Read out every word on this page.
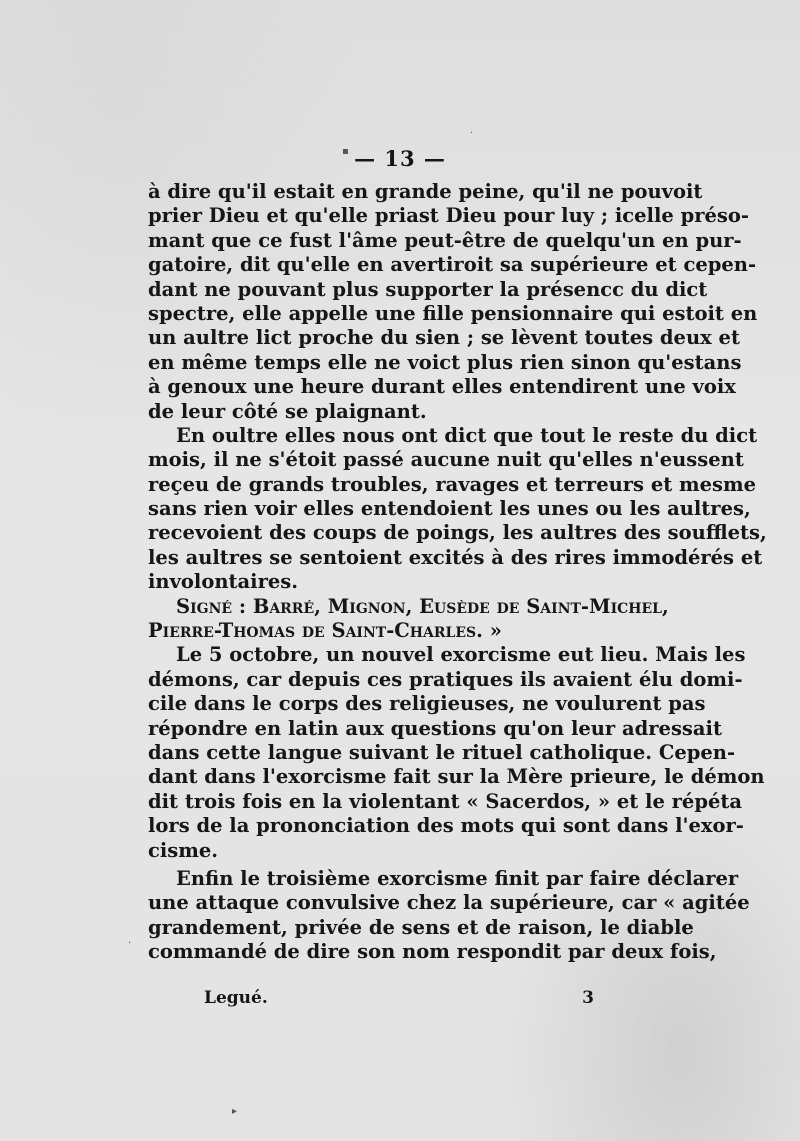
— 13 —
à dire qu'il estait en grande peine, qu'il ne pouvoit
prier Dieu et qu'elle priast Dieu pour luy ; icelle préso-
mant que ce fust l'âme peut-être de quelqu'un en pur-
gatoire, dit qu'elle en avertiroit sa supérieure et cepen-
dant ne pouvant plus supporter la présencc du dict
spectre, elle appelle une fille pensionnaire qui estoit en
un aultre lict proche du sien ; se lèvent toutes deux et
en même temps elle ne voict plus rien sinon qu'estans
à genoux une heure durant elles entendirent une voix
de leur côté se plaignant.
En oultre elles nous ont dict que tout le reste du dict
mois, il ne s'étoit passé aucune nuit qu'elles n'eussent
reçeu de grands troubles, ravages et terreurs et mesme
sans rien voir elles entendoient les unes ou les aultres,
recevoient des coups de poings, les aultres des soufflets,
les aultres se sentoient excités à des rires immodérés et
involontaires.
Signé : Barré, Mignon, Eusède de Saint-Michel,
Pierre-Thomas de Saint-Charles. »
Le 5 octobre, un nouvel exorcisme eut lieu. Mais les
démons, car depuis ces pratiques ils avaient élu domi-
cile dans le corps des religieuses, ne voulurent pas
répondre en latin aux questions qu'on leur adressait
dans cette langue suivant le rituel catholique. Cepen-
dant dans l'exorcisme fait sur la Mère prieure, le démon
dit trois fois en la violentant « Sacerdos, » et le répéta
lors de la prononciation des mots qui sont dans l'exor-
cisme.
Enfin le troisième exorcisme finit par faire déclarer
une attaque convulsive chez la supérieure, car « agitée
grandement, privée de sens et de raison, le diable
commandé de dire son nom respondit par deux fois,
Legué.	3
▪
·
·
▸
